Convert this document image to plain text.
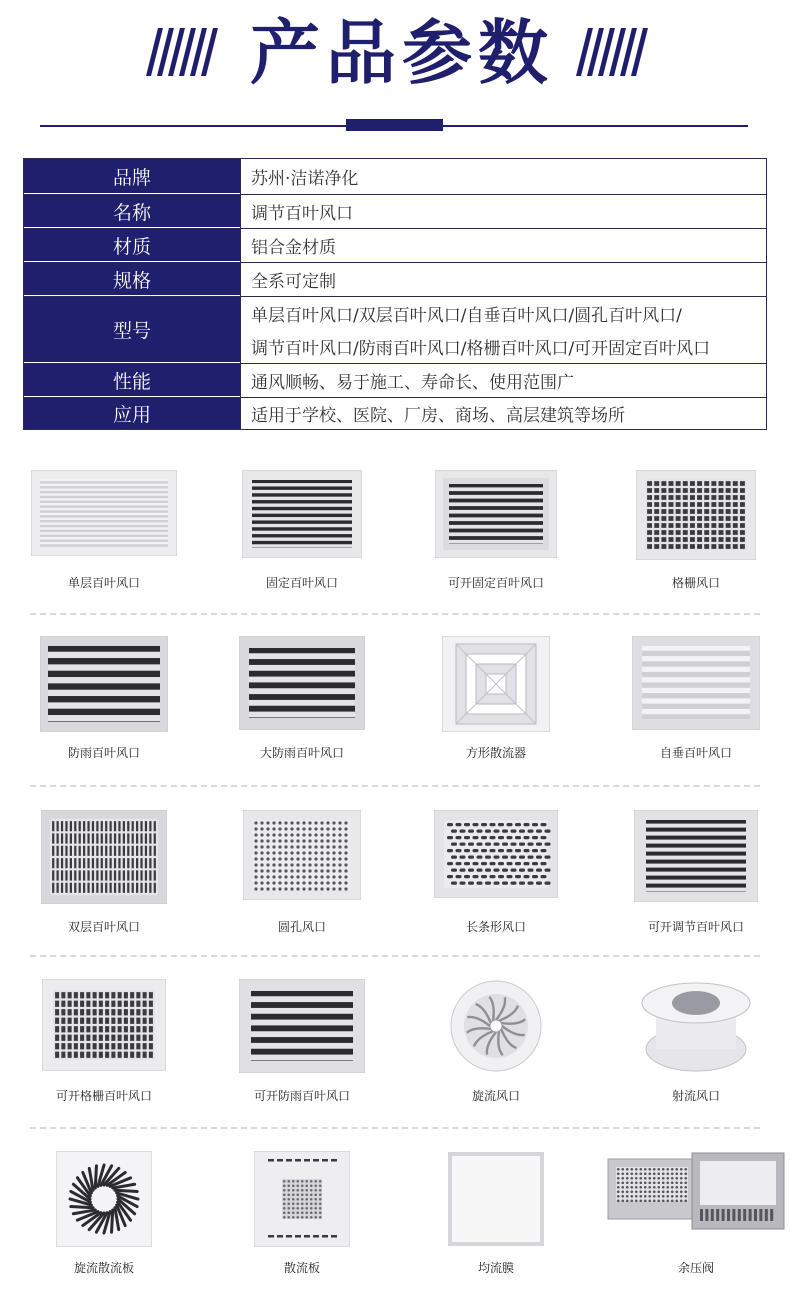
产品参数
品牌	苏州·洁诺净化
名称	调节百叶风口
材质	铝合金材质
规格	全系可定制
型号
单层百叶风口/双层百叶风口/自垂百叶风口/圆孔百叶风口/
调节百叶风口/防雨百叶风口/格栅百叶风口/可开固定百叶风口
性能	通风顺畅、易于施工、寿命长、使用范围广
应用	适用于学校、医院、厂房、商场、高层建筑等场所
单层百叶风口	固定百叶风口	可开固定百叶风口	格栅风口
防雨百叶风口	大防雨百叶风口	方形散流器	自垂百叶风口
双层百叶风口	圆孔风口	长条形风口	可开调节百叶风口
可开格栅百叶风口	可开防雨百叶风口	旋流风口	射流风口
旋流散流板	散流板	均流膜	余压阀
